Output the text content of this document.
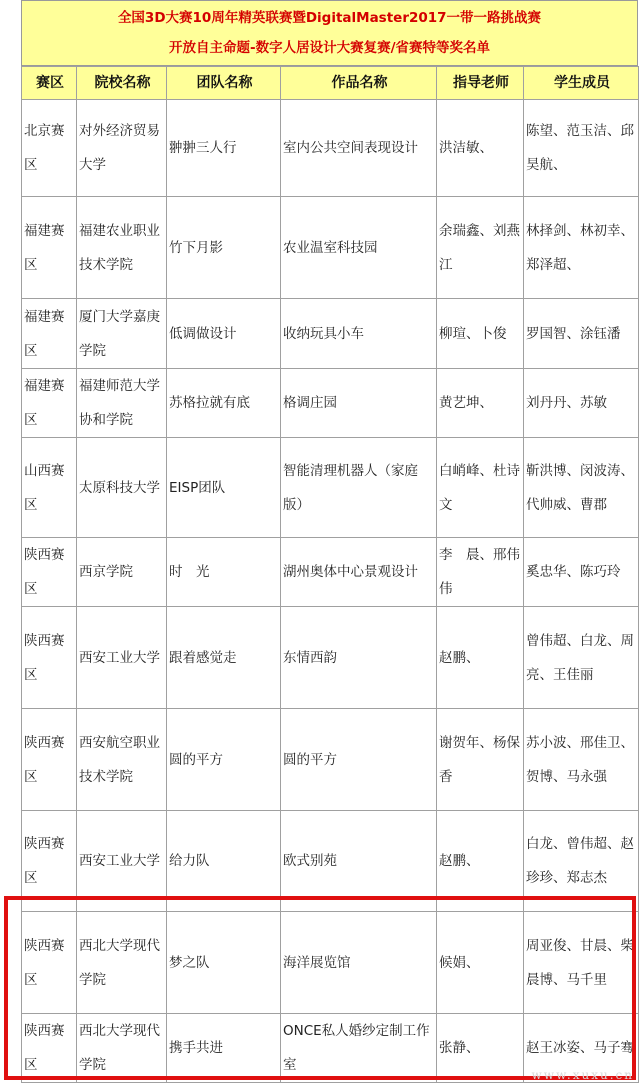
全国3D大赛10周年精英联赛暨DigitalMaster2017一带一路挑战赛
开放自主命题-数字人居设计大赛复赛/省赛特等奖名单
赛区	院校名称	团队名称	作品名称	指导老师	学生成员
北京赛区	对外经济贸易大学	翀翀三人行	室内公共空间表现设计	洪洁敏、	陈望、范玉洁、邱昊航、
福建赛区	福建农业职业技术学院	竹下月影	农业温室科技园	余瑞鑫、刘燕江	林择剑、林初幸、郑泽超、
福建赛区	厦门大学嘉庚学院	低调做设计	收纳玩具小车	柳瑄、卜俊	罗国智、涂钰潘
福建赛区	福建师范大学协和学院	苏格拉就有底	格调庄园	黄艺坤、	刘丹丹、苏敏
山西赛区	太原科技大学	EISP团队	智能清理机器人（家庭版）	白峭峰、杜诗文	靳洪博、闵波涛、代帅威、曹郡
陕西赛区	西京学院	时　光	湖州奥体中心景观设计	李　晨、邢伟伟	奚忠华、陈巧玲
陕西赛区	西安工业大学	跟着感觉走	东情西韵	赵鹏、	曾伟超、白龙、周亮、王佳丽
陕西赛区	西安航空职业技术学院	圆的平方	圆的平方	谢贺年、杨保香	苏小波、邢佳卫、贺博、马永强
陕西赛区	西安工业大学	给力队	欧式别苑	赵鹏、	白龙、曾伟超、赵珍珍、郑志杰
陕西赛区	西北大学现代学院	梦之队	海洋展览馆	候娟、	周亚俊、甘晨、柴晨博、马千里
陕西赛区	西北大学现代学院	携手共进	ONCE私人婚纱定制工作室	张静、	赵王冰姿、马子骞
www.xuxu.cn
